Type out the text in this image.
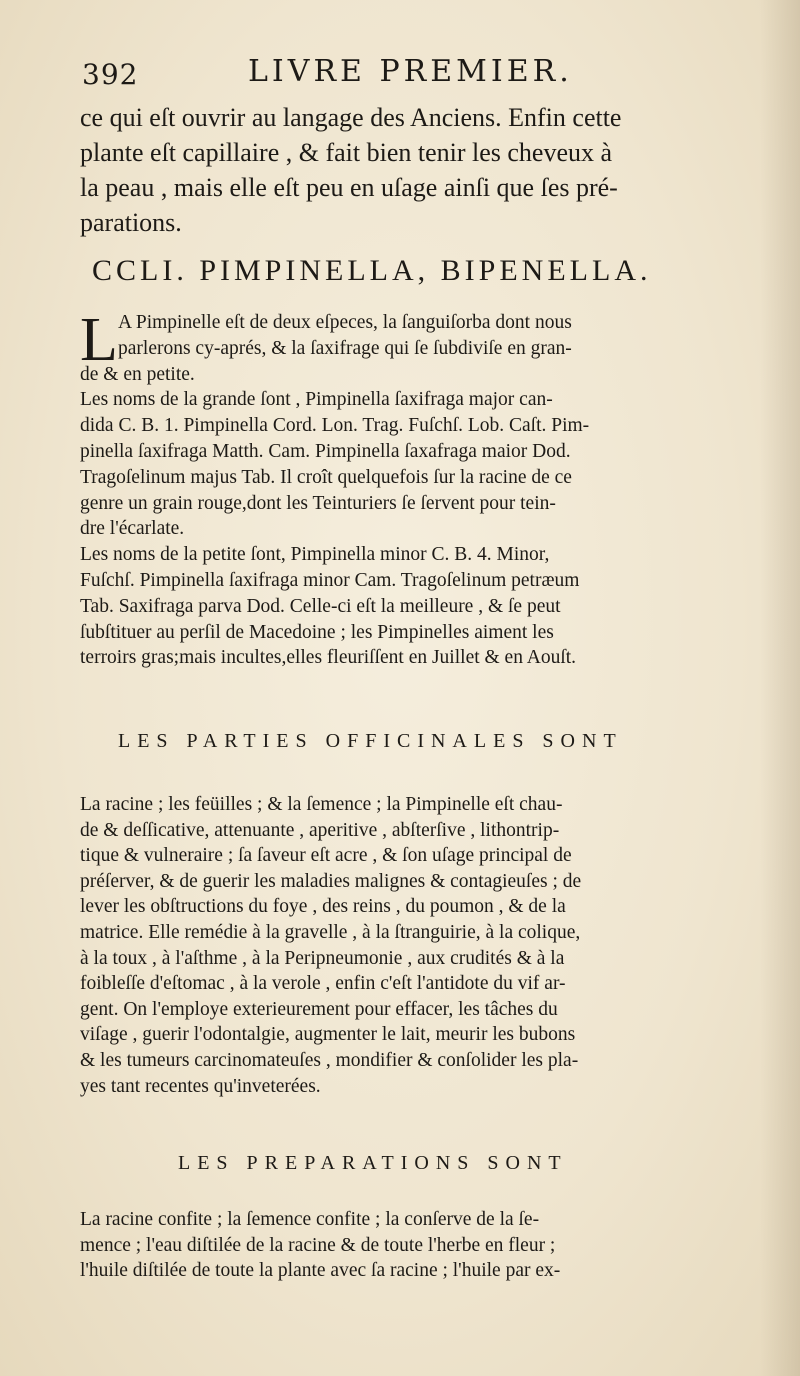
392	LIVRE PREMIER.
ce qui eſt ouvrir au langage des Anciens. Enfin cette
plante eſt capillaire , & fait bien tenir les cheveux à
la peau , mais elle eſt peu en uſage ainſi que ſes pré-
parations.
CCLI. PIMPINELLA, BIPENELLA.
L A Pimpinelle eſt de deux eſpeces, la ſanguiſorba dont nous
parlerons cy-aprés, & la ſaxifrage qui ſe ſubdiviſe en gran-
de & en petite.
Les noms de la grande ſont , Pimpinella ſaxifraga major can-
dida C. B. 1. Pimpinella Cord. Lon. Trag. Fuſchſ. Lob. Caſt. Pim-
pinella ſaxifraga Matth. Cam. Pimpinella ſaxafraga maior Dod.
Tragoſelinum majus Tab. Il croît quelquefois ſur la racine de ce
genre un grain rouge,dont les Teinturiers ſe ſervent pour tein-
dre l'écarlate.
Les noms de la petite ſont, Pimpinella minor C. B. 4. Minor,
Fuſchſ. Pimpinella ſaxifraga minor Cam. Tragoſelinum petræum
Tab. Saxifraga parva Dod. Celle-ci eſt la meilleure , & ſe peut
ſubſtituer au perſil de Macedoine ; les Pimpinelles aiment les
terroirs gras;mais incultes,elles fleuriſſent en Juillet & en Aouſt.
LES PARTIES OFFICINALES SONT
La racine ; les feüilles ; & la ſemence ; la Pimpinelle eſt chau-
de & deſſicative, attenuante , aperitive , abſterſive , lithontrip-
tique & vulneraire ; ſa ſaveur eſt acre , & ſon uſage principal de
préſerver, & de guerir les maladies malignes & contagieuſes ; de
lever les obſtructions du foye , des reins , du poumon , & de la
matrice. Elle remédie à la gravelle , à la ſtranguirie, à la colique,
à la toux , à l'aſthme , à la Peripneumonie , aux crudités & à la
foibleſſe d'eſtomac , à la verole , enfin c'eſt l'antidote du vif ar-
gent. On l'employe exterieurement pour effacer, les tâches du
viſage , guerir l'odontalgie, augmenter le lait, meurir les bubons
& les tumeurs carcinomateuſes , mondifier & conſolider les pla-
yes tant recentes qu'inveterées.
LES PREPARATIONS SONT
La racine confite ; la ſemence confite ; la conſerve de la ſe-
mence ; l'eau diſtilée de la racine & de toute l'herbe en fleur ;
l'huile diſtilée de toute la plante avec ſa racine ; l'huile par ex-
